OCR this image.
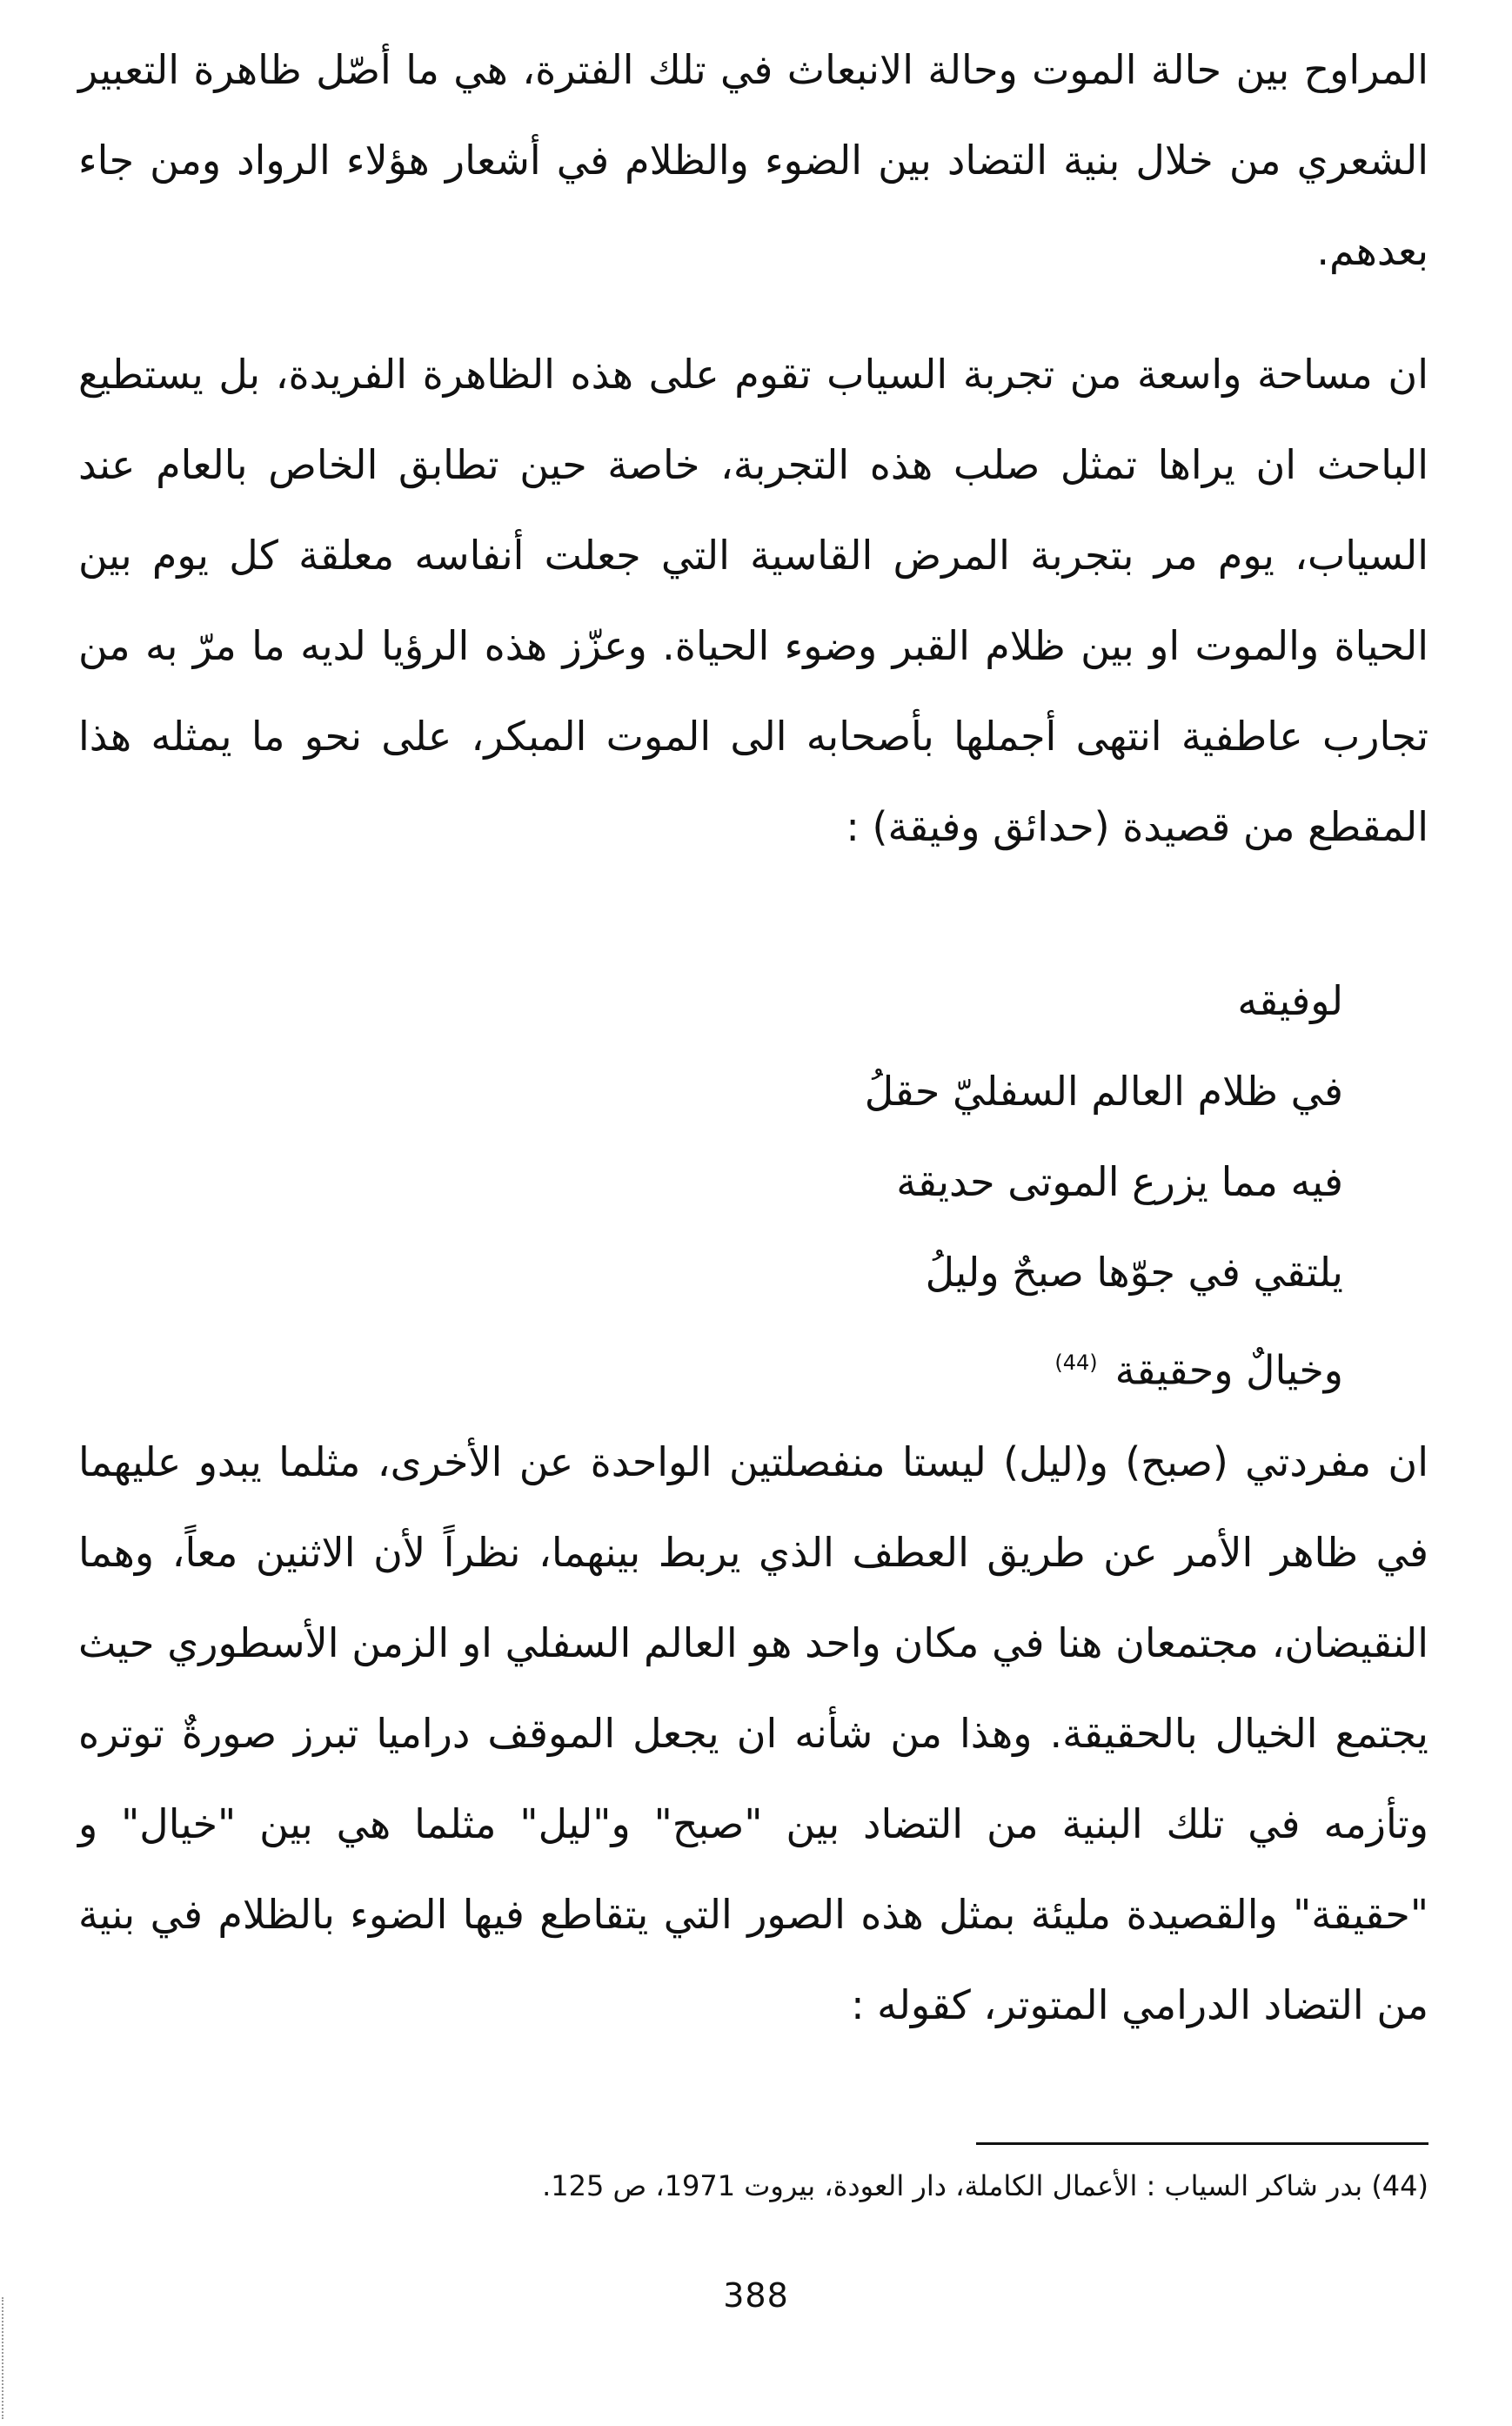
المراوح بين حالة الموت وحالة الانبعاث في تلك الفترة، هي ما أصّل ظاهرة التعبير الشعري من خلال بنية التضاد بين الضوء والظلام في أشعار هؤلاء الرواد ومن جاء بعدهم.

ان مساحة واسعة من تجربة السياب تقوم على هذه الظاهرة الفريدة، بل يستطيع الباحث ان يراها تمثل صلب هذه التجربة، خاصة حين تطابق الخاص بالعام عند السياب، يوم مر بتجربة المرض القاسية التي جعلت أنفاسه معلقة كل يوم بين الحياة والموت او بين ظلام القبر وضوء الحياة. وعزّز هذه الرؤيا لديه ما مرّ به من تجارب عاطفية انتهى أجملها بأصحابه الى الموت المبكر، على نحو ما يمثله هذا المقطع من قصيدة (حدائق وفيقة) :

لوفيقه
في ظلام العالم السفليّ حقلُ
فيه مما يزرع الموتى حديقة
يلتقي في جوّها صبحٌ وليلُ
وخيالٌ وحقيقة$^{(44)}$

ان مفردتي (صبح) و(ليل) ليستا منفصلتين الواحدة عن الأخرى، مثلما يبدو عليهما في ظاهر الأمر عن طريق العطف الذي يربط بينهما، نظراً لأن الاثنين معاً، وهما النقيضان، مجتمعان هنا في مكان واحد هو العالم السفلي او الزمن الأسطوري حيث يجتمع الخيال بالحقيقة. وهذا من شأنه ان يجعل الموقف دراميا تبرز صورةٌ توتره وتأزمه في تلك البنية من التضاد بين "صبح" و"ليل" مثلما هي بين "خيال" و "حقيقة" والقصيدة مليئة بمثل هذه الصور التي يتقاطع فيها الضوء بالظلام في بنية من التضاد الدرامي المتوتر، كقوله :

(44) بدر شاكر السياب : الأعمال الكاملة، دار العودة، بيروت 1971، ص 125.
388
